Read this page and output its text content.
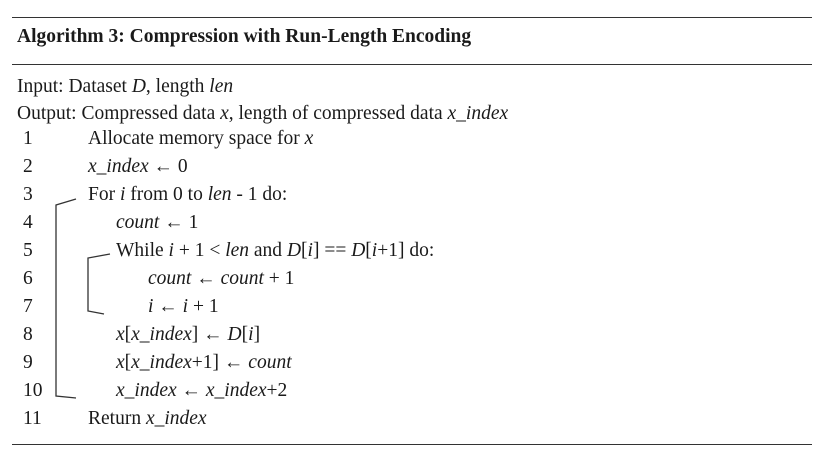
Algorithm 3: Compression with Run-Length Encoding
Input: Dataset D, length len
Output: Compressed data x, length of compressed data x_index
1	Allocate memory space for x
2	x_index ← 0
3	For i from 0 to len - 1 do:
4	count ← 1
5	While i + 1 < len and D[i] == D[i+1] do:
6	count ← count + 1
7	i ← i + 1
8	x[x_index] ← D[i]
9	x[x_index+1] ← count
10	x_index ← x_index+2
11 Return x_index
